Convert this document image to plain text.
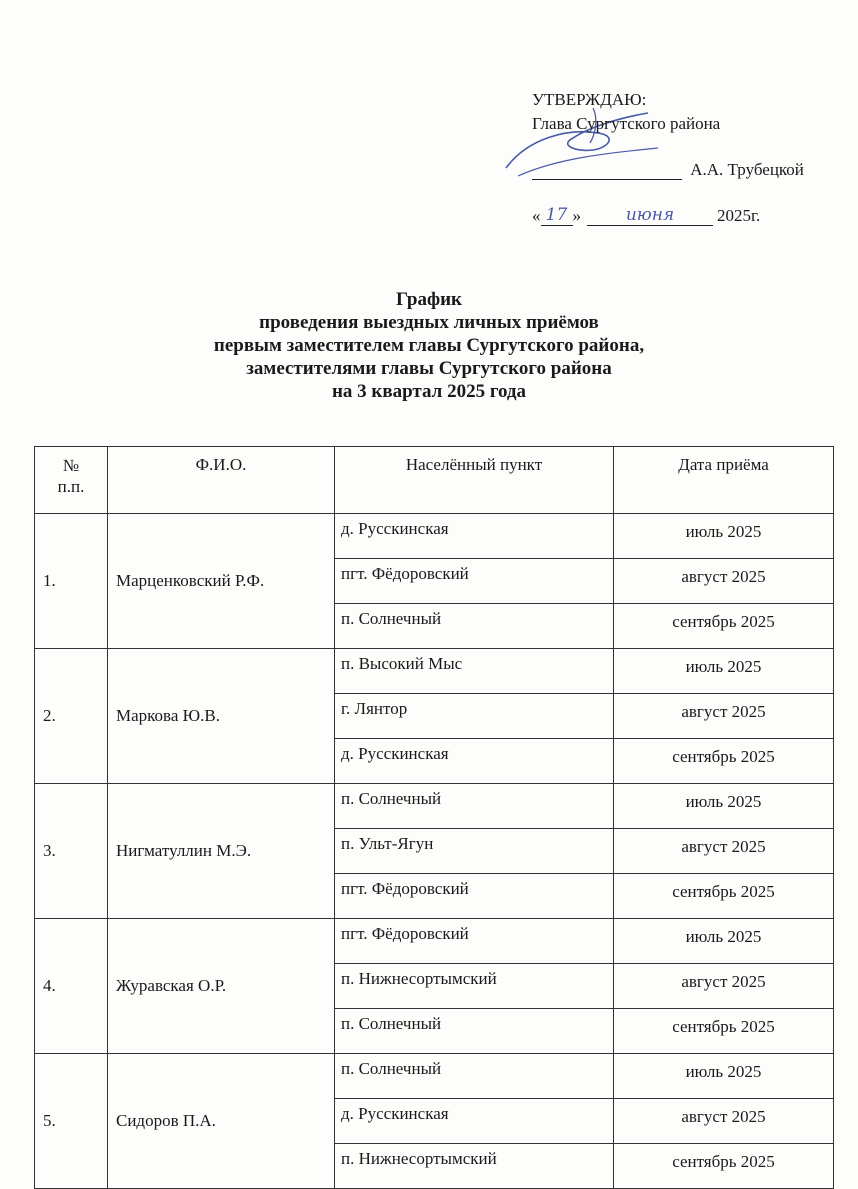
УТВЕРЖДАЮ:
Глава Сургутского района
А.А. Трубецкой
« 17 »	июня	2025г.
График
проведения выездных личных приёмов
первым заместителем главы Сургутского района,
заместителями главы Сургутского района
на 3 квартал 2025 года
№
п.п.	Ф.И.О.	Населённый пункт	Дата приёма
1.	Марценковский Р.Ф.	д. Русскинская	июль 2025
		пгт. Фёдоровский	август 2025
		п. Солнечный	сентябрь 2025
2.	Маркова Ю.В.	п. Высокий Мыс	июль 2025
		г. Лянтор	август 2025
		д. Русскинская	сентябрь 2025
3.	Нигматуллин М.Э.	п. Солнечный	июль 2025
		п. Ульт-Ягун	август 2025
		пгт. Фёдоровский	сентябрь 2025
4.	Журавская О.Р.	пгт. Фёдоровский	июль 2025
		п. Нижнесортымский	август 2025
		п. Солнечный	сентябрь 2025
5.	Сидоров П.А.	п. Солнечный	июль 2025
		д. Русскинская	август 2025
		п. Нижнесортымский	сентябрь 2025
